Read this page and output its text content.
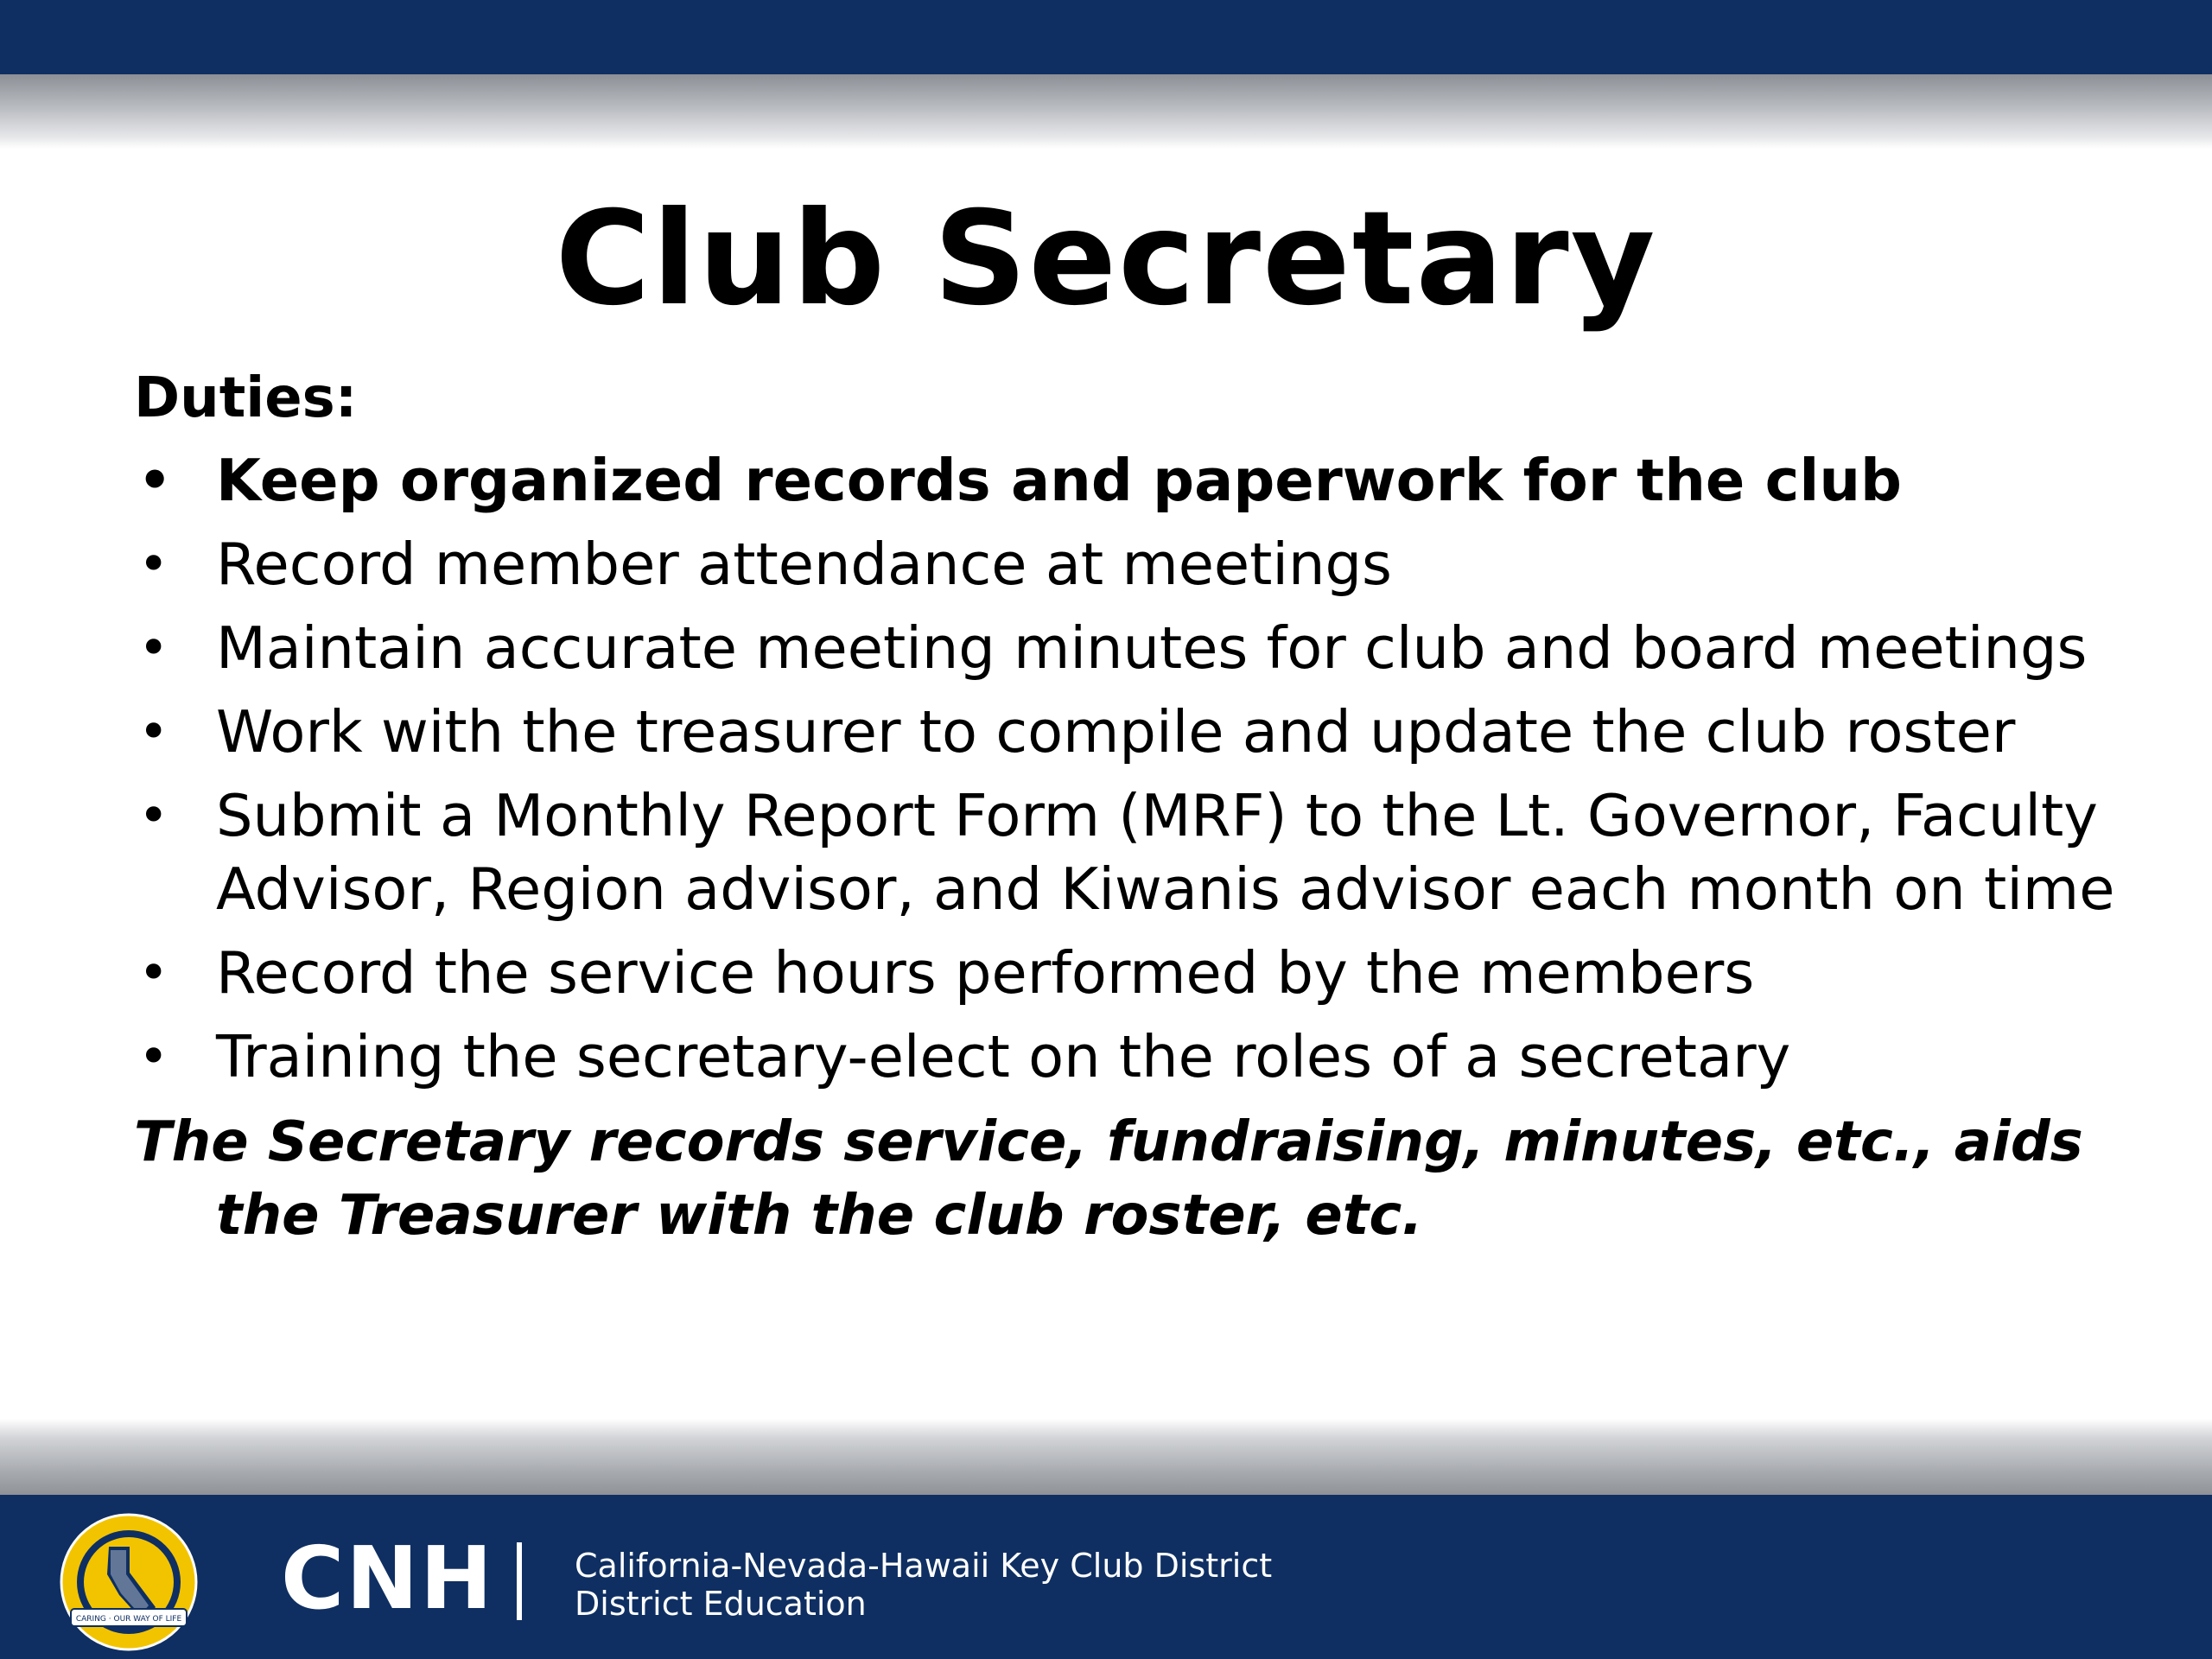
Club Secretary
Duties:
• Keep organized records and paperwork for the club
• Record member attendance at meetings
• Maintain accurate meeting minutes for club and board meetings
• Work with the treasurer to compile and update the club roster
• Submit a Monthly Report Form (MRF) to the Lt. Governor, Faculty Advisor, Region advisor, and Kiwanis advisor each month on time
• Record the service hours performed by the members
• Training the secretary-elect on the roles of a secretary
The Secretary records service, fundraising, minutes, etc., aids the Treasurer with the club roster, etc.
CARING · OUR WAY OF LIFE CNH California-Nevada-Hawaii Key Club District
District Education
